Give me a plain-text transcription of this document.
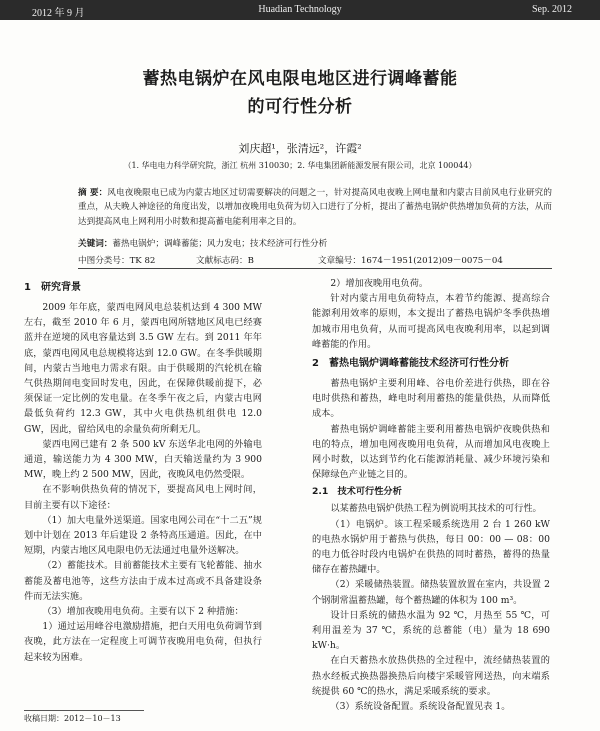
2012 年 9 月	Huadian Technology	Sep. 2012
蓄热电锅炉在风电限电地区进行调峰蓄能
的可行性分析
刘庆超¹，张清远²，许霞²
（1. 华电电力科学研究院，浙江 杭州 310030；2. 华电集团新能源发展有限公司，北京 100044）

摘 要：风电夜晚限电已成为内蒙古地区过切需要解决的问题之一，针对提高风电夜晚上网电量和内蒙古目前风电行业研究的重点，从夫晚人神途径的角度出发，以增加夜晚用电负荷为切入口进行了分析，提出了蓄热电锅炉供热增加负荷的方法，从而达到提高风电上网利用小时数和提高蓄电能利用率之目的。

关键词：蓄热电锅炉；调峰蓄能；风力发电；技术经济可行性分析

中图分类号：TK 82	文献标志码：B	文章编号：1674－1951(2012)09－0075－04
1　研究背景

2009 年年底，蒙西电网风电总装机达到 4 300 MW 左右，截至 2010 年 6 月，蒙西电网所辖地区风电已经赛蓝并在逆境的风电容量达到 3.5 GW 左右。到 2011 年年底，蒙西电网风电总规模将达到 12.0 GW。在冬季供暖期间，内蒙古当地电力需求有限。由于供暖期的汽轮机在输气供热期间电变回时发电，因此，在保障供暖前提下，必须保证一定比例的发电量。在冬季午夜之后，内蒙古电网最低负荷约 12.3 GW，其中火电供热机组供电 12.0 GW，因此，留给风电的余量负荷所剩无几。

蒙西电网已建有 2 条 500 kV 东送华北电网的外输电通道，输送能力为 4 300 MW，白天输送量约为 3 900 MW，晚上约 2 500 MW，因此，夜晚风电仍然受限。

在不影响供热负荷的情况下，要提高风电上网时间，目前主要有以下途径：

（1）加大电量外送渠道。国家电网公司在“十二五”规划中计划在 2013 年后建设 2 条特高压通道。因此，在中短期，内蒙古地区风电限电仍无法通过电量外送解决。

（2）蓄能技术。目前蓄能技术主要有飞轮蓄能、抽水蓄能及蓄电池等，这些方法由于成本过高或不具备建设条件而无法实施。

（3）增加夜晚用电负荷。主要有以下 2 种措施：

1）通过运用峰谷电激励措施，把白天用电负荷调节到夜晚，此方法在一定程度上可调节夜晚用电负荷，但执行起来较为困难。

2）增加夜晚用电负荷。

针对内蒙古用电负荷特点，本着节约能源、提高综合能源利用效率的原则，本文提出了蓄热电锅炉冬季供热增加城市用电负荷，从而可提高风电夜晚利用率，以起到调峰蓄能的作用。

2　蓄热电锅炉调峰蓄能技术经济可行性分析

蓄热电锅炉主要利用峰、谷电价差进行供热，即在谷电时供热和蓄热，峰电时利用蓄热的能量供热，从而降低成本。

蓄热电锅炉调峰蓄能主要利用蓄热电锅炉夜晚供热和电的特点，增加电网夜晚用电负荷，从而增加风电夜晚上网小时数，以达到节约化石能源消耗量、减少环境污染和保障绿色产业链之目的。

2.1　技术可行性分析

以某蓄热电锅炉供热工程为例说明其技术的可行性。

（1）电锅炉。该工程采暖系统选用 2 台 1 260 kW 的电热水锅炉用于蓄热与供热，每日 00：00 — 08：00 的电力低谷时段内电锅炉在供热的同时蓄热，蓄得的热量储存在蓄热罐中。

（2）采暖储热装置。储热装置放置在室内，共设置 2 个钢制常温蓄热罐，每个蓄热罐的体积为 100 m³。

设计日系统的储热水温为 92 ℃，月热至 55 ℃，可利用温差为 37 ℃，系统的总蓄能（电）量为 18 690 kW·h。

在白天蓄热水放热供热的全过程中，流经储热装置的热水经板式换热器换热后向楼宇采暖管网送热，向末端系统提供 60 ℃的热水，满足采暖系统的要求。

（3）系统设备配置。系统设备配置见表 1。

收稿日期：2012－10－13
